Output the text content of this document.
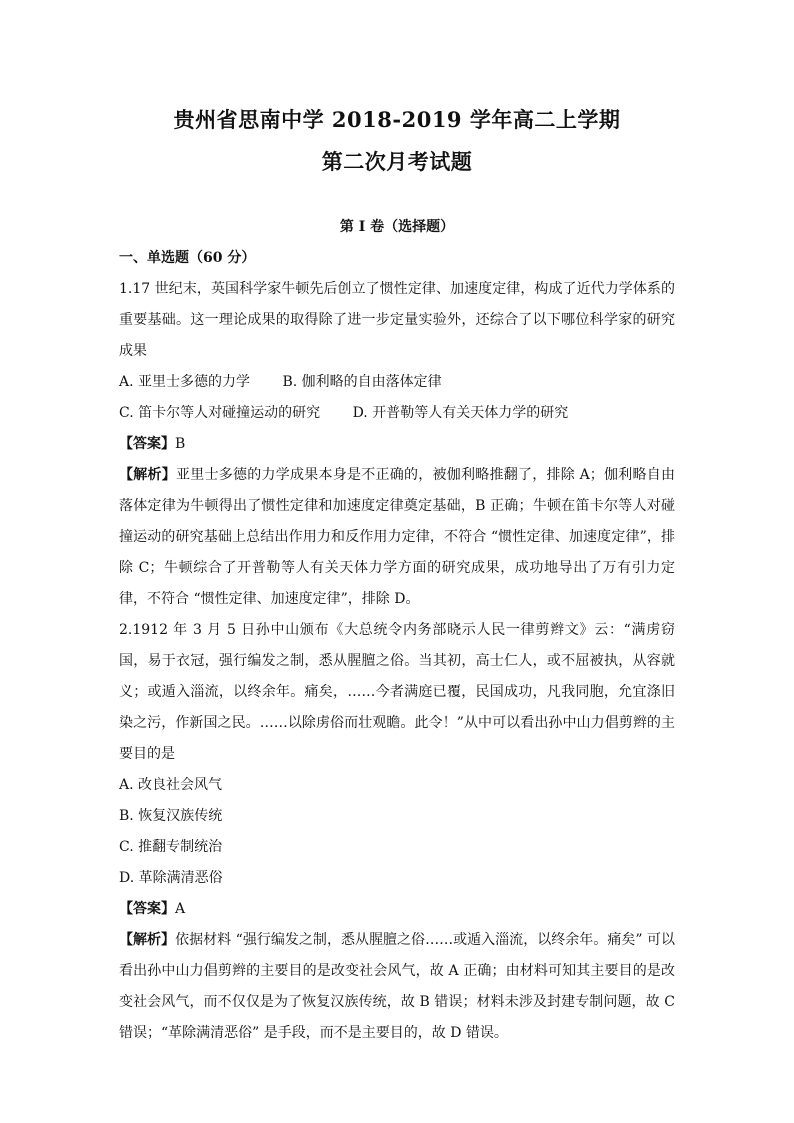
贵州省思南中学 2018-2019 学年高二上学期
第二次月考试题
第 I 卷（选择题）
一、单选题（60 分）
1.17 世纪末，英国科学家牛顿先后创立了惯性定律、加速度定律，构成了近代力学体系的重要基础。这一理论成果的取得除了进一步定量实验外，还综合了以下哪位科学家的研究成果
A. 亚里士多德的力学 B. 伽利略的自由落体定律
C. 笛卡尔等人对碰撞运动的研究 D. 开普勒等人有关天体力学的研究
【答案】B
【解析】亚里士多德的力学成果本身是不正确的，被伽利略推翻了，排除 A；伽利略自由落体定律为牛顿得出了惯性定律和加速度定律奠定基础，B 正确；牛顿在笛卡尔等人对碰撞运动的研究基础上总结出作用力和反作用力定律，不符合 “惯性定律、加速度定律”，排除 C；牛顿综合了开普勒等人有关天体力学方面的研究成果，成功地导出了万有引力定律，不符合 “惯性定律、加速度定律”，排除 D。
2.1912 年 3 月 5 日孙中山颁布《大总统令内务部晓示人民一律剪辫文》云：“满虏窃国，易于衣冠，强行编发之制，悉从腥膻之俗。当其初，高士仁人，或不屈被执，从容就义；或遁入淄流，以终余年。痛矣，……今者满庭已覆，民国成功，凡我同胞，允宜涤旧染之污，作新国之民。……以除虏俗而壮观瞻。此令！”从中可以看出孙中山力倡剪辫的主要目的是
A. 改良社会风气
B. 恢复汉族传统
C. 推翻专制统治
D. 革除满清恶俗
【答案】A
【解析】依据材料 “强行编发之制，悉从腥膻之俗……或遁入淄流，以终余年。痛矣” 可以看出孙中山力倡剪辫的主要目的是改变社会风气，故 A 正确；由材料可知其主要目的是改变社会风气，而不仅仅是为了恢复汉族传统，故 B 错误；材料未涉及封建专制问题，故 C 错误；“革除满清恶俗” 是手段，而不是主要目的，故 D 错误。
